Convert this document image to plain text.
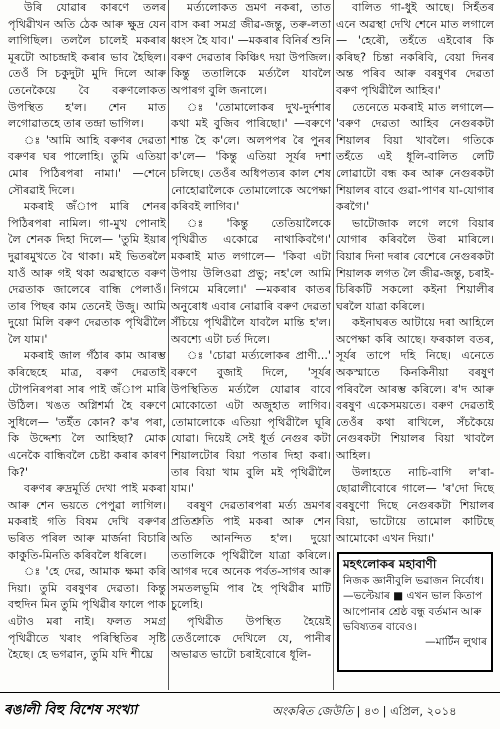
উৰি যোৱাৰ কাৰণে তলৰ পৃথিৱীখন অতি ঠেক আৰু ক্ষুদ্ৰ যেন লাগিছিল। তললৈ চালেই মকৰাৰ মূৰটো আচন্দ্ৰাই কৰাৰ ভাব হৈছিল। তেওঁ সি চকুদুটা মুদি দিলে আৰু তেনেকৈয়ে বৈ বৰুণলোকত উপস্থিত হ'ল। শেন মাত লগোৱাতহে তাৰ তন্দ্ৰা ভাগিল।

ঃ 'আমি আহি বৰুণৰ দেৱতা বৰুণৰ ঘৰ পালোহি। তুমি এতিয়া মোৰ পিঠিৰপৰা নামা।' —শেনে সৌৰৱাই দিলে।

মকৰাই জঁাপ মাৰি শেনৰ পিঠিৰপৰা নামিল। গা-মুখ পোনাই লৈ শেনক দিহা দিলে— 'তুমি ইয়াৰ দুৱাৰমুখতে বৈ থাকা। মই ভিতৰলৈ যাওঁ আৰু গই থকা অৱস্থাতে বৰুণ দেৱতাক জালেৰে বান্ধি পেলাওঁ। তাৰ পিছৰ কাম তেনেই উজু। আমি দুয়ো মিলি বৰুণ দেৱতাক পৃথিৱীলৈ লৈ যাম।'

মকৰাই জাল গঁঠাৰ কাম আৰম্ভ কৰিছেহে মাত্ৰ, বৰুণ দেৱতাই টোপনিৰপৰা সাৰ পাই জঁাপ মাৰি উঠিল। খঙত অগ্নিশৰ্মা হৈ বৰুণে সুধিলে— 'তইঁত কোন? ক'ৰ পৰা, কি উদ্দেশ্য লৈ আহিছা? মোক এনেকৈ বান্ধিবলৈ চেষ্টা কৰাৰ কাৰণ কি?'

বৰুণৰ ৰুদ্ৰমূৰ্তি দেখা পাই মকৰা আৰু শেন ভয়তে পেপুৱা লাগিল। মকৰাই গতি বিষম দেখি বৰুণৰ ভৰিত পৰিল আৰু মাৰ্জনা বিচাৰি কাকুতি-মিনতি কৰিবলৈ ধৰিলে।

ঃ 'হে দেৱ, আমাক ক্ষমা কৰি দিয়া। তুমি বৰষুণৰ দেৱতা। কিন্তু বহুদিন মিন তুমি পৃথিৱীৰ ফালে পাক এটাও মৰা নাই। ফলত সমগ্ৰ পৃথিৱীতে খৰাং পৰিস্থিতিৰ সৃষ্টি হৈছে। হে ভগৱান, তুমি যদি শীঘ্ৰে

মৰ্ত্যলোকত ভ্ৰমণ নকৰা, তাত বাস কৰা সমগ্ৰ জীৱ-জন্তু, তৰু-লতা ধ্বংস হৈ যাব।' —মকৰাৰ বিনিৰ্ৰ শুনি বৰুণ দেৱতাৰ কিঞ্চিৎ দয়া উপজিল। কিন্তু ততালিকে মৰ্ত্যলৈ যাবলৈ অপাৰগ বুলি জনালে।

ঃ 'তোমালোকৰ দুখ-দুৰ্দশাৰ কথা মই বুজিব পাৰিছো।' —বৰুণে শান্ত হৈ ক'লে। অলপপৰ ৰৈ পুনৰ ক'লে— 'কিন্তু এতিয়া সূৰ্যৰ দশা চলিছে। তেওঁৰ অধিপত্যৰ কাল শেষ নোহোৱালৈকে তোমালোকে অপেক্ষা কৰিবই লাগিব।'

ঃ 'কিন্তু তেতিয়ালৈকে পৃথিৱীত একোৱে নাথাকিবগৈ।' মকৰাই মাত লগালে— 'কিবা এটা উপায় উলিওৱা প্ৰভু; নহ'লে আমি নিগমে মৰিলো।' —মকৰাৰ কাতৰ অনুৰোধ এবাৰ নোৱাৰি বৰুণ দেৱতা সঁচিয়ে পৃথিৱীলৈ যাবলৈ মান্তি হ'ল। অবশ্যে এটা চৰ্ত দিলে।

ঃ 'চোৱা মৰ্ত্যলোকৰ প্ৰাণী...' বৰুণে বুজাই দিলে, 'সূৰ্যৰ উপস্থিতিত মৰ্ত্যলৈ যোৱাৰ বাবে মোকোতো এটা অজুহাত লাগিব। তোমালোকে এতিয়া পৃথিৱীলৈ ঘূৰি যোৱা। দিয়েই সেই ধূৰ্ত নেগুৰ কটা শিয়ালটোৰ বিয়া পতাৰ দিহা কৰা। তাৰ বিয়া খাম বুলি মই পৃথিৱীলৈ যাম।'

বৰষুণ দেৱতাৰপৰা মৰ্ত্য ভ্ৰমণৰ প্ৰতিশ্ৰুতি পাই মকৰা আৰু শেন অতি আনন্দিত হ'ল। দুয়ো ততালিকে পৃথিৱীলৈ যাত্ৰা কৰিলে। আগৰ দৰে অনেক পৰ্বত-সাগৰ আৰু সমতলভূমি পাৰ হৈ পৃথিৱীৰ মাটি চুলেহি।

পৃথিৱীত উপস্থিত হৈয়েই তেওঁলোকে দেখিলে যে, পানীৰ অভাৱত ভাটো চৰাইবোৰে ধূলি-

বালিত গা-ধুই আছে। সিহঁতৰ এনে অৱস্থা দেখি শেনে মাত লগালে— 'হেৰৌ, তহঁতে এইবোৰ কি কৰিছ? চিন্তা নকৰিবি, বেয়া দিনৰ অন্ত পৰিব আৰু বৰষুণৰ দেৱতা বৰুণ পৃথিৱীলৈ আহিব।'

তেনেতে মকৰাই মাত লগালে— 'বৰুণ দেৱতা আহিব নেগুৰকটা শিয়ালৰ বিয়া খাবলৈ। গতিকে তহঁতে এই ধূলি-বালিত লেটি লোৱাটো বন্ধ কৰ আৰু নেগুৰকটা শিয়ালৰ বাবে গুৱা-পাণৰ যা-যোগাৰ কৰগৈ।'

ভাটোজাক লগে লগে বিয়াৰ যোগাৰ কৰিবলৈ উৰা মাৰিলে। বিয়াৰ দিনা দৰাৰ বেশেৰে নেগুৰকটা শিয়ালক লগত লৈ জীৱ-জন্তু, চৰাই-চিৰিকটি সকলো কইনা শিয়ালীৰ ঘৰলৈ যাত্ৰা কৰিলে।

কইনাঘৰত আটায়ে দৰা আহিলে অপেক্ষা কৰি আছে। ফৰকাল বতৰ, সূৰ্যৰ তাপে দহি নিছে। এনেতে অকস্মাতে কিনকিনীয়া বৰষুণ পৰিবলৈ আৰম্ভ কৰিলে। ৰ'দ আৰু বৰষুণ একেসময়তে। বৰুণ দেৱতাই তেওঁৰ কথা ৰাখিলে, সঁচকৈয়ে নেগুৰকটা শিয়ালৰ বিয়া খাবলৈ আহিল।

উলাহতে নাচি-বাগি ল'ৰা-ছোৱালীবোৰে গালে— 'ৰ'দো দিছে বৰষুণো দিছে নেগুৰকটা শিয়ালৰ বিয়া, ভাটোয়ে তামোল কাটিছে আমোকো এখন দিয়া।'

মহৎলোকৰ মহাবাণী
নিজক জ্ঞানীবুলি ভৱাজন নিৰ্বোধ। —ভল্টেয়াৰ ■ এখন ভাল কিতাপ আপোনাৰ শ্ৰেষ্ঠ বন্ধু বৰ্তমান আৰু ভবিষ্যতৰ বাবেও।
—মাৰ্টিন লুথাৰ
ৰঙালী বিহু বিশেষ সংখ্যা	অংকৰিত জেউতি | ৪৩ | এপ্ৰিল, ২০১৪
